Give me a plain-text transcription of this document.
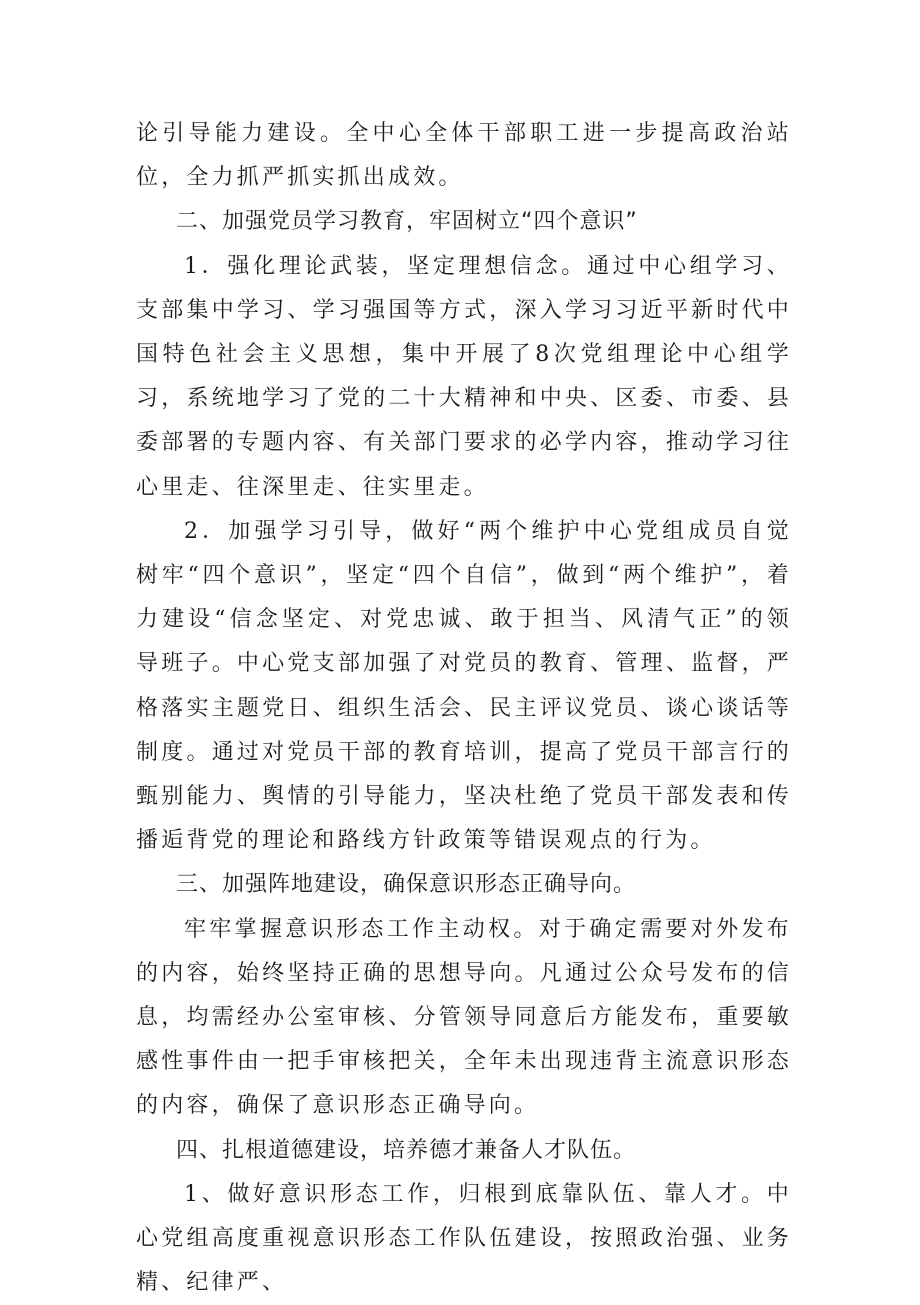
论引导能力建设。全中心全体干部职工进一步提高政治站位，全力抓严抓实抓出成效。

二、加强党员学习教育，牢固树立“四个意识”

1．强化理论武装，坚定理想信念。通过中心组学习、支部集中学习、学习强国等方式，深入学习习近平新时代中国特色社会主义思想，集中开展了8次党组理论中心组学习，系统地学习了党的二十大精神和中央、区委、市委、县委部署的专题内容、有关部门要求的必学内容，推动学习往心里走、往深里走、往实里走。

2．加强学习引导，做好“两个维护中心党组成员自觉树牢“四个意识”，坚定“四个自信”，做到“两个维护”，着力建设“信念坚定、对党忠诚、敢于担当、风清气正”的领导班子。中心党支部加强了对党员的教育、管理、监督，严格落实主题党日、组织生活会、民主评议党员、谈心谈话等制度。通过对党员干部的教育培训，提高了党员干部言行的甄别能力、舆情的引导能力，坚决杜绝了党员干部发表和传播逅背党的理论和路线方针政策等错误观点的行为。

三、加强阵地建设，确保意识形态正确导向。

牢牢掌握意识形态工作主动权。对于确定需要对外发布的内容，始终坚持正确的思想导向。凡通过公众号发布的信息，均需经办公室审核、分管领导同意后方能发布，重要敏感性事件由一把手审核把关，全年未出现违背主流意识形态的内容，确保了意识形态正确导向。

四、扎根道德建设，培养德才兼备人才队伍。

1、做好意识形态工作，归根到底靠队伍、靠人才。中心党组高度重视意识形态工作队伍建设，按照政治强、业务精、纪律严、
